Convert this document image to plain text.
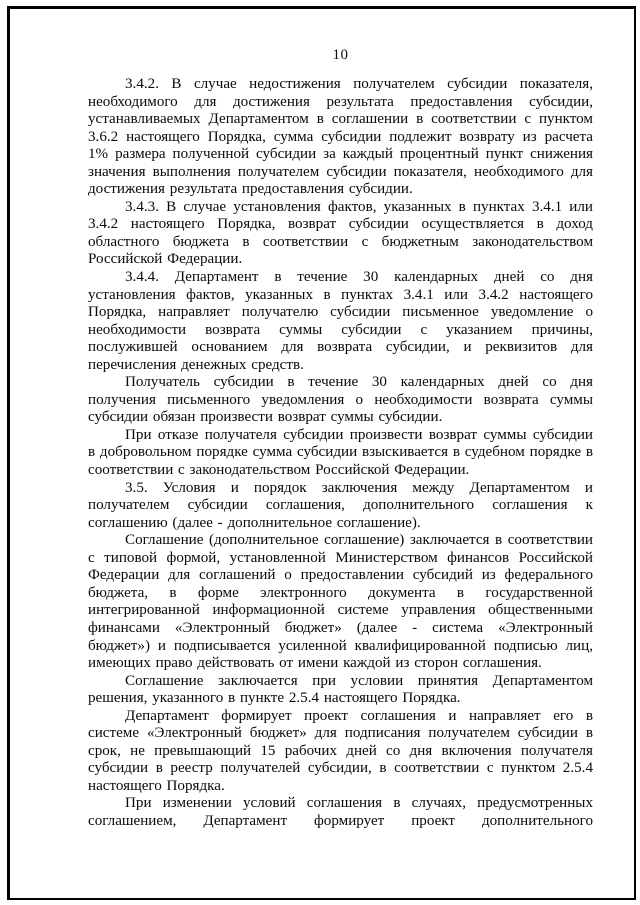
10

3.4.2. В случае недостижения получателем субсидии показателя, необходимого для достижения результата предоставления субсидии, устанавливаемых Департаментом в соглашении в соответствии с пунктом 3.6.2 настоящего Порядка, сумма субсидии подлежит возврату из расчета 1% размера полученной субсидии за каждый процентный пункт снижения значения выполнения получателем субсидии показателя, необходимого для достижения результата предоставления субсидии.

3.4.3. В случае установления фактов, указанных в пунктах 3.4.1 или 3.4.2 настоящего Порядка, возврат субсидии осуществляется в доход областного бюджета в соответствии с бюджетным законодательством Российской Федерации.

3.4.4. Департамент в течение 30 календарных дней со дня установления фактов, указанных в пунктах 3.4.1 или 3.4.2 настоящего Порядка, направляет получателю субсидии письменное уведомление о необходимости возврата суммы субсидии с указанием причины, послужившей основанием для возврата субсидии, и реквизитов для перечисления денежных средств.

Получатель субсидии в течение 30 календарных дней со дня получения письменного уведомления о необходимости возврата суммы субсидии обязан произвести возврат суммы субсидии.

При отказе получателя субсидии произвести возврат суммы субсидии в добровольном порядке сумма субсидии взыскивается в судебном порядке в соответствии с законодательством Российской Федерации.

3.5. Условия и порядок заключения между Департаментом и получателем субсидии соглашения, дополнительного соглашения к соглашению (далее - дополнительное соглашение).

Соглашение (дополнительное соглашение) заключается в соответствии с типовой формой, установленной Министерством финансов Российской Федерации для соглашений о предоставлении субсидий из федерального бюджета, в форме электронного документа в государственной интегрированной информационной системе управления общественными финансами «Электронный бюджет» (далее - система «Электронный бюджет») и подписывается усиленной квалифицированной подписью лиц, имеющих право действовать от имени каждой из сторон соглашения.

Соглашение заключается при условии принятия Департаментом решения, указанного в пункте 2.5.4 настоящего Порядка.

Департамент формирует проект соглашения и направляет его в системе «Электронный бюджет» для подписания получателем субсидии в срок, не превышающий 15 рабочих дней со дня включения получателя субсидии в реестр получателей субсидии, в соответствии с пунктом 2.5.4 настоящего Порядка.

При изменении условий соглашения в случаях, предусмотренных соглашением, Департамент формирует проект дополнительного
